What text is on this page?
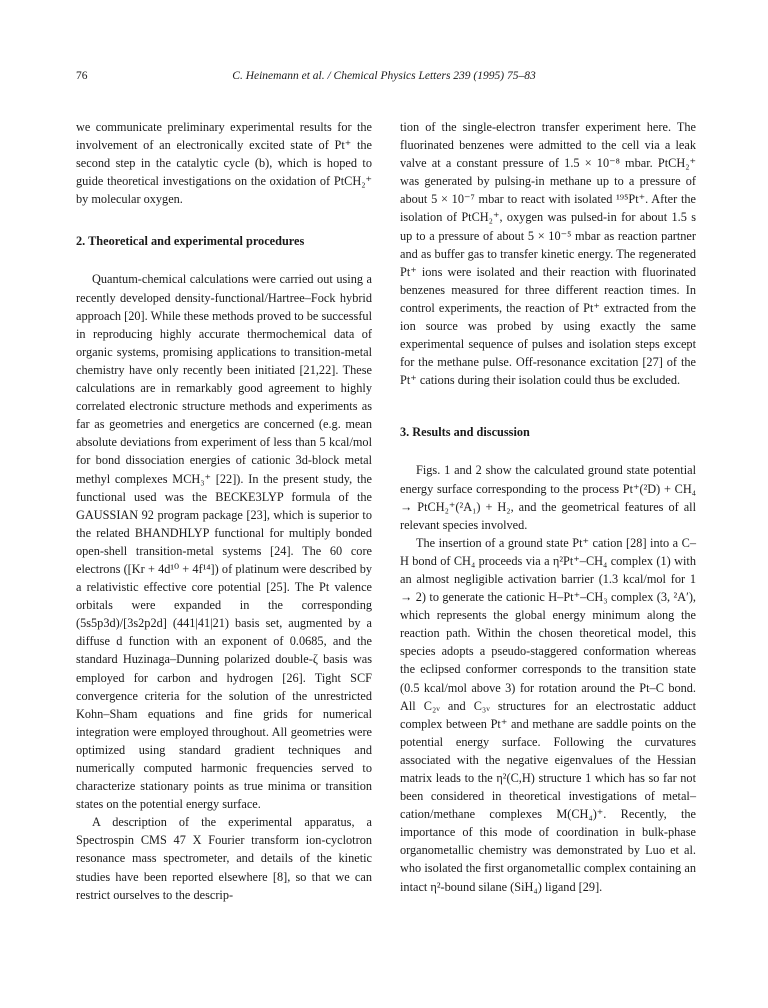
76	C. Heinemann et al. / Chemical Physics Letters 239 (1995) 75–83

we communicate preliminary experimental results for the involvement of an electronically excited state of Pt⁺ the second step in the catalytic cycle (b), which is hoped to guide theoretical investigations on the oxidation of PtCH₂⁺ by molecular oxygen.

2. Theoretical and experimental procedures

Quantum-chemical calculations were carried out using a recently developed density-functional/Hartree–Fock hybrid approach [20]. While these methods proved to be successful in reproducing highly accurate thermochemical data of organic systems, promising applications to transition-metal chemistry have only recently been initiated [21,22]. These calculations are in remarkably good agreement to highly correlated electronic structure methods and experiments as far as geometries and energetics are concerned (e.g. mean absolute deviations from experiment of less than 5 kcal/mol for bond dissociation energies of cationic 3d-block metal methyl complexes MCH₃⁺ [22]). In the present study, the functional used was the BECKE3LYP formula of the GAUSSIAN 92 program package [23], which is superior to the related BHANDHLYP functional for multiply bonded open-shell transition-metal systems [24]. The 60 core electrons ([Kr + 4d¹⁰ + 4f¹⁴]) of platinum were described by a relativistic effective core potential [25]. The Pt valence orbitals were expanded in the corresponding (5s5p3d)/[3s2p2d] (441|41|21) basis set, augmented by a diffuse d function with an exponent of 0.0685, and the standard Huzinaga–Dunning polarized double-ζ basis was employed for carbon and hydrogen [26]. Tight SCF convergence criteria for the solution of the unrestricted Kohn–Sham equations and fine grids for numerical integration were employed throughout. All geometries were optimized using standard gradient techniques and numerically computed harmonic frequencies served to characterize stationary points as true minima or transition states on the potential energy surface.

A description of the experimental apparatus, a Spectrospin CMS 47 X Fourier transform ion-cyclotron resonance mass spectrometer, and details of the kinetic studies have been reported elsewhere [8], so that we can restrict ourselves to the descrip-

tion of the single-electron transfer experiment here. The fluorinated benzenes were admitted to the cell via a leak valve at a constant pressure of 1.5 × 10⁻⁸ mbar. PtCH₂⁺ was generated by pulsing-in methane up to a pressure of about 5 × 10⁻⁷ mbar to react with isolated ¹⁹⁵Pt⁺. After the isolation of PtCH₂⁺, oxygen was pulsed-in for about 1.5 s up to a pressure of about 5 × 10⁻⁵ mbar as reaction partner and as buffer gas to transfer kinetic energy. The regenerated Pt⁺ ions were isolated and their reaction with fluorinated benzenes measured for three different reaction times. In control experiments, the reaction of Pt⁺ extracted from the ion source was probed by using exactly the same experimental sequence of pulses and isolation steps except for the methane pulse. Off-resonance excitation [27] of the Pt⁺ cations during their isolation could thus be excluded.

3. Results and discussion

Figs. 1 and 2 show the calculated ground state potential energy surface corresponding to the process Pt⁺(²D) + CH₄ → PtCH₂⁺(²A₁) + H₂, and the geometrical features of all relevant species involved.

The insertion of a ground state Pt⁺ cation [28] into a C–H bond of CH₄ proceeds via a η²Pt⁺–CH₄ complex (1) with an almost negligible activation barrier (1.3 kcal/mol for 1 → 2) to generate the cationic H–Pt⁺–CH₃ complex (3, ²A′), which represents the global energy minimum along the reaction path. Within the chosen theoretical model, this species adopts a pseudo-staggered conformation whereas the eclipsed conformer corresponds to the transition state (0.5 kcal/mol above 3) for rotation around the Pt–C bond. All C₂ᵥ and C₃ᵥ structures for an electrostatic adduct complex between Pt⁺ and methane are saddle points on the potential energy surface. Following the curvatures associated with the negative eigenvalues of the Hessian matrix leads to the η²(C,H) structure 1 which has so far not been considered in theoretical investigations of metal–cation/methane complexes M(CH₄)⁺. Recently, the importance of this mode of coordination in bulk-phase organometallic chemistry was demonstrated by Luo et al. who isolated the first organometallic complex containing an intact η²-bound silane (SiH₄) ligand [29].
